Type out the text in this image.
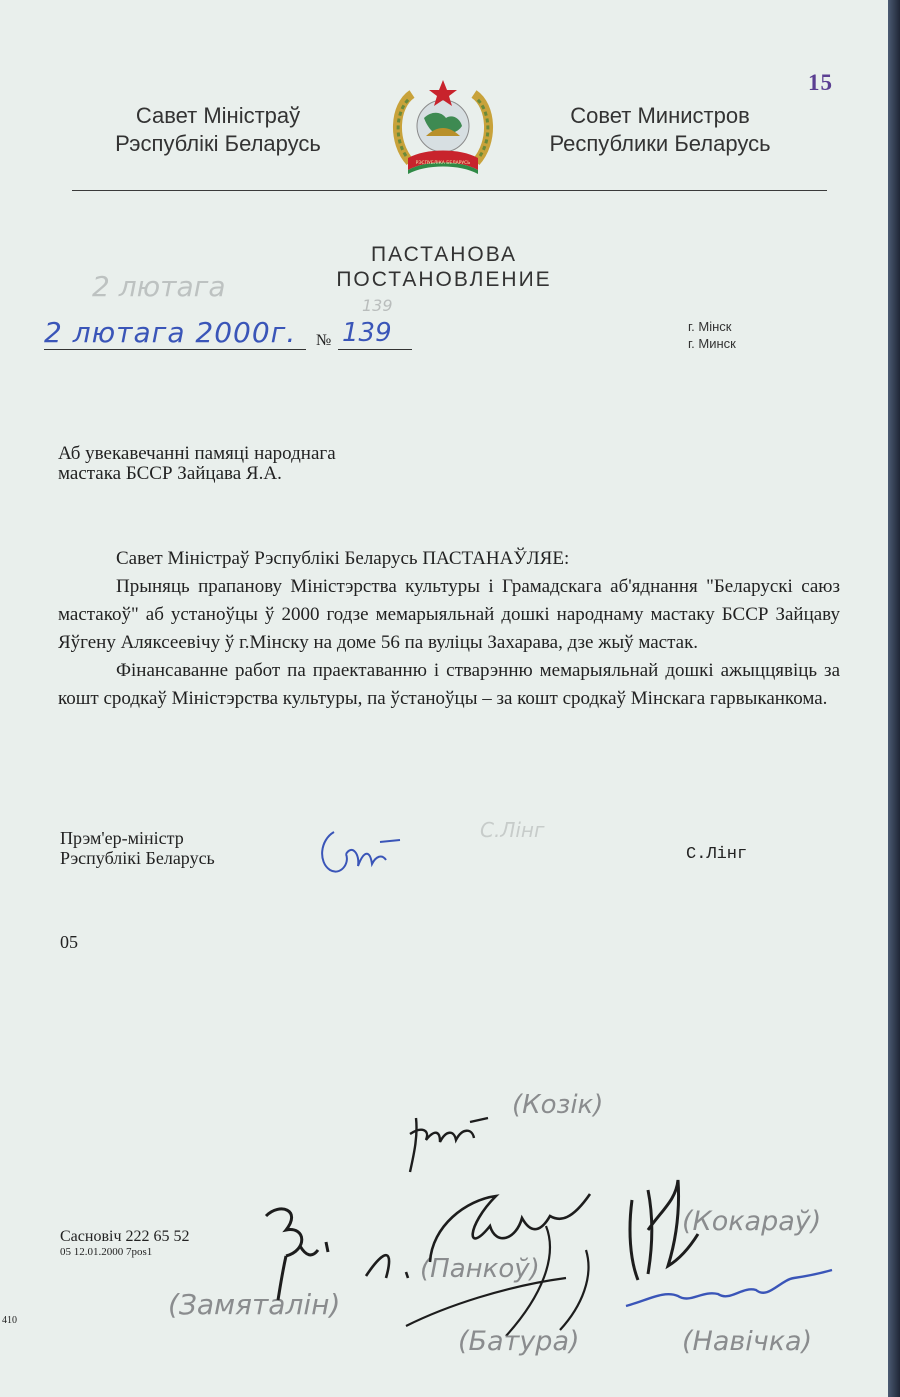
Савет Міністраў
Рэспублікі Беларусь
РЭСПУБЛІКА БЕЛАРУСЬ
Совет Министров
Республики Беларусь
15
ПАСТАНОВА
ПОСТАНОВЛЕНИЕ
2 лютага
139
2 лютага 2000г. № 139	г. Мінск
г. Минск
Аб увекавечанні памяці народнага
мастака БССР Зайцава Я.А.

Савет Міністраў Рэспублікі Беларусь ПАСТАНАЎЛЯЕ:

Прыняць прапанову Міністэрства культуры і Грамадскага аб'яднання "Беларускі саюз мастакоў" аб устаноўцы ў 2000 годзе мемарыяльнай дошкі народнаму мастаку БССР Зайцаву Яўгену Аляксеевічу ў г.Мінску на доме 56 па вуліцы Захарава, дзе жыў мастак.

Фінансаванне работ па праектаванню і стварэнню мемарыяльнай дошкі ажыццявіць за кошт сродкаў Міністэрства культуры, па ўстаноўцы – за кошт сродкаў Мінскага гарвыканкома.

Прэм'ер-міністр
Рэспублікі Беларусь
С.Лінг
С.Лінг
05
(Козік)
(Замяталін)
(Панкоў)
(Кокараў)
(Батура)	(Навічка)
Сасновіч 222 65 52
05 12.01.2000 7pos1
410
